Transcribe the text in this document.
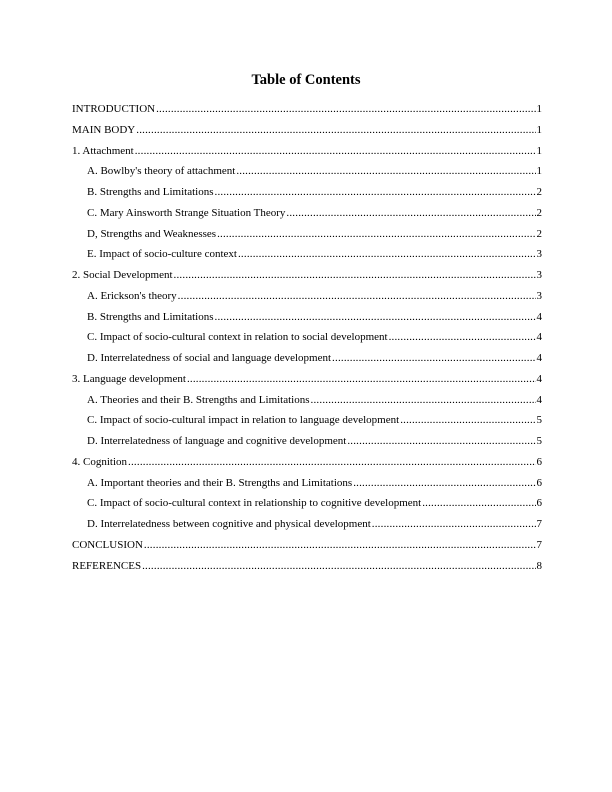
Table of Contents
INTRODUCTION .....	1
MAIN BODY .....	1
1. Attachment .....	1
A. Bowlby's theory of attachment .....	1
B. Strengths and Limitations .....	2
C. Mary Ainsworth Strange Situation Theory .....	2
D, Strengths and Weaknesses .....	2
E. Impact of socio-culture context .....	3
2. Social Development .....	3
A. Erickson's theory .....	3
B. Strengths and Limitations .....	4
C. Impact of socio-cultural context in relation to social development .....	4
D. Interrelatedness of social and language development .....	4
3. Language development .....	4
A. Theories and their B. Strengths and Limitations .....	4
C. Impact of socio-cultural impact in relation to language development .....	5
D. Interrelatedness of language and cognitive development .....	5
4. Cognition .....	6
A. Important theories and their B. Strengths and Limitations .....	6
C. Impact of socio-cultural context in relationship to cognitive development .....	6
D. Interrelatedness between cognitive and physical development .....	7
CONCLUSION .....	7
REFERENCES .....	8
